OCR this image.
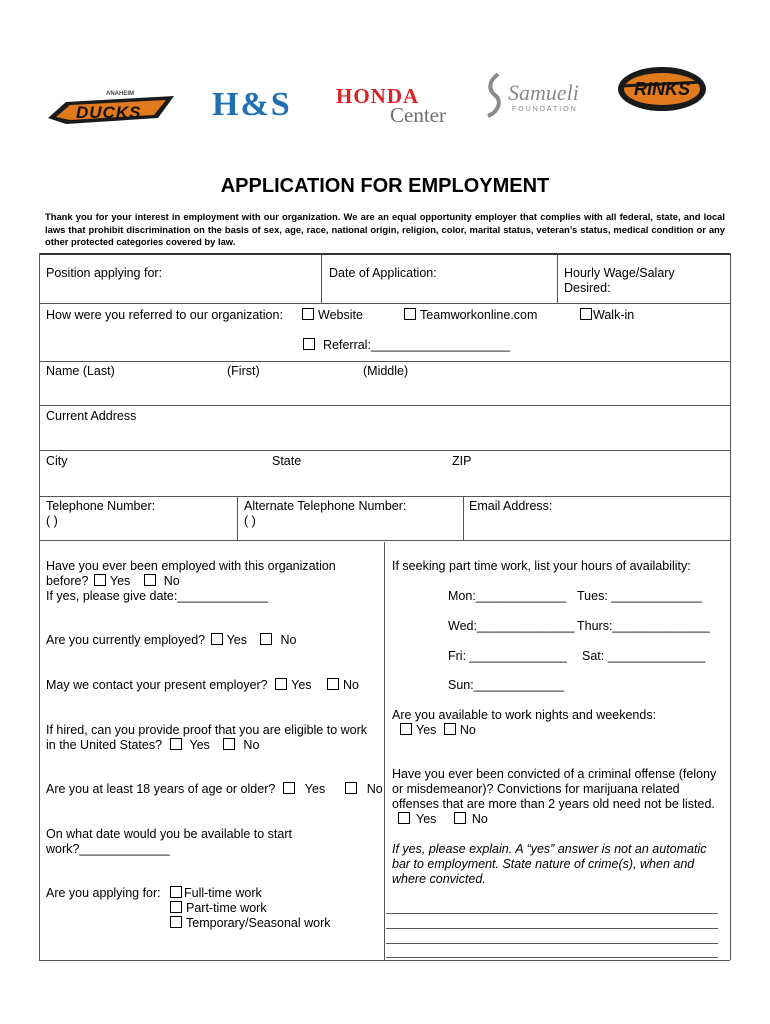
DUCKS
ANAHEIM H&S HONDA
Center
Samueli
FOUNDATION
RINKS
APPLICATION FOR EMPLOYMENT
Thank you for your interest in employment with our organization. We are an equal opportunity employer that complies with all federal, state, and local laws that prohibit discrimination on the basis of sex, age, race, national origin, religion, color, marital status, veteran’s status, medical condition or any other protected categories covered by law.
Position applying for:	Date of Application:	Hourly Wage/Salary
Desired:
How were you referred to our organization:	Website	Teamworkonline.com	Walk-in
Referral:____________________
Name (Last)	(First)	(Middle)
Current Address
City	State	ZIP
Telephone Number:
( )
Alternate Telephone Number:
( )
Email Address:
Have you ever been employed with this organization
before? Yes	No
If yes, please give date:_____________
Are you currently employed? Yes	No
May we contact your present employer? Yes	No
If hired, can you provide proof that you are eligible to work
in the United States? Yes	No
Are you at least 18 years of age or older? Yes	No
On what date would you be available to start
work?_____________
Are you applying for:	Full-time work
Part-time work
Temporary/Seasonal work
If seeking part time work, list your hours of availability:
Mon:_____________ Tues: _____________
Wed:______________ Thurs:______________
Fri: ______________ Sat: ______________
Sun:_____________
Are you available to work nights and weekends:
Yes No
Have you ever been convicted of a criminal offense (felony
or misdemeanor)? Convictions for marijuana related
offenses that are more than 2 years old need not be listed.
Yes	No
If yes, please explain. A “yes” answer is not an automatic
bar to employment. State nature of crime(s), when and
where convicted.
